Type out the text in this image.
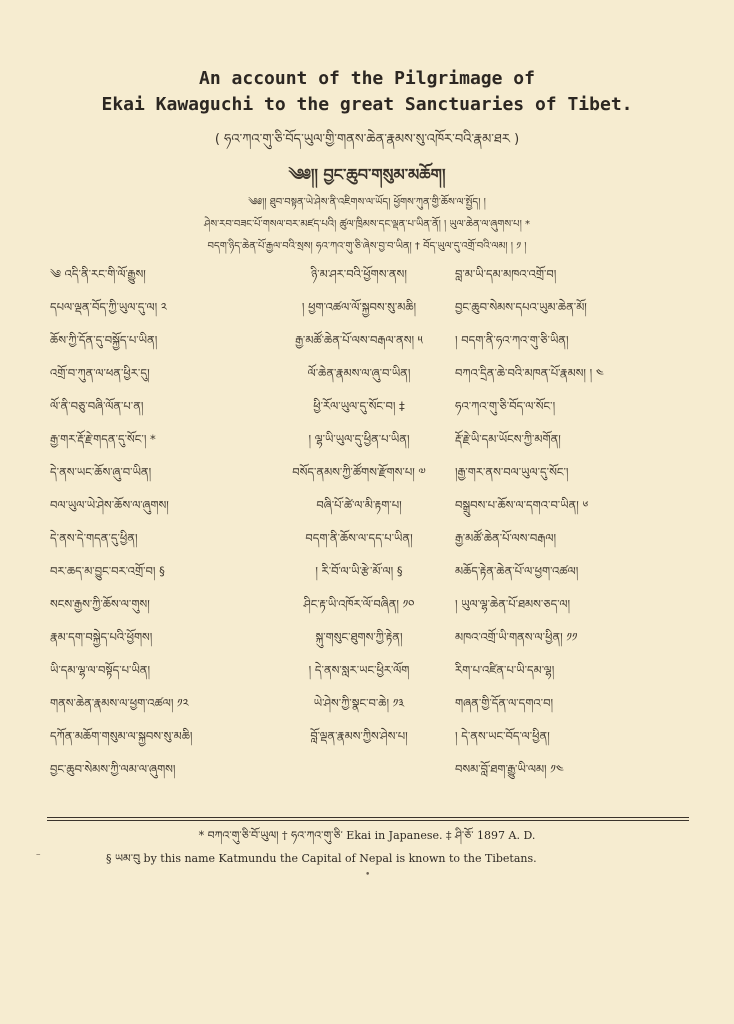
An account of the Pilgrimage of
Ekai Kawaguchi to the great Sanctuaries of Tibet.
( ཧའ་ཀའ་གུ་ཅི་བོད་ཡུལ་གྱི་གནས་ཆེན་རྣམས་སུ་འཁོར་བའི་རྣམ་ཐར )
༄༅།། བྱང་ཆུབ་གསུམ་མཆོག།
༄༅།། ཐུབ་བསྟན་ཡེ་ཤེས་ནི་འཇིགས་ལ་ཡོད། ཕྱོགས་ཀུན་གྱི་ཆོས་ལ་སྤྱོད། །
ཤེས་རབ་བཟང་པོ་གསལ་བར་མཛད་པའི། ཚུལ་ཁྲིམས་དང་ལྡན་པ་ཡིན་ནོ། ། ཡུལ་ཆེན་ལ་ཞུགས་པ། *
བདག་ཉིད་ཆེན་པོ་རྒྱལ་བའི་སྲས། ཧའ་ཀའ་གུ་ཅི་ཞེས་བྱ་བ་ཡིན། † བོད་ཡུལ་དུ་འགྲོ་བའི་ལམ། ། ༡ །
༄ འདི་ནི་རང་གི་ལོ་རྒྱུས།
དཔལ་ལྡན་བོད་ཀྱི་ཡུལ་དུ་ལ། ༢
ཆོས་ཀྱི་དོན་དུ་བསྐྱོད་པ་ཡིན།
འགྲོ་བ་ཀུན་ལ་ཕན་ཕྱིར་དུ།
ལོ་ནི་བཅུ་བཞི་ལོན་པ་ན།
རྒྱ་གར་རྡོ་རྗེ་གདན་དུ་སོང་། *
དེ་ནས་ཡང་ཆོས་ཞུ་བ་ཡིན།
བལ་ཡུལ་ཡེ་ཤེས་ཆོས་ལ་ཞུགས།
དེ་ནས་དེ་གདན་དུ་ཕྱིན།
བར་ཆད་མ་བྱུང་བར་འགྲོ་བ། §
སངས་རྒྱས་ཀྱི་ཆོས་ལ་གུས།
རྣམ་དག་བསྐྱེད་པའི་ཕྱོགས།
ཡི་དམ་ལྷ་ལ་བསྟོད་པ་ཡིན།
གནས་ཆེན་རྣམས་ལ་ཕྱག་འཚལ། ༡༢
དཀོན་མཆོག་གསུམ་ལ་སྐྱབས་སུ་མཆི།
བྱང་ཆུབ་སེམས་ཀྱི་ལམ་ལ་ཞུགས།
ཉི་མ་ཤར་བའི་ཕྱོགས་ནས།
། ཕྱག་འཚལ་ལོ་སྐྱབས་སུ་མཆི།
རྒྱ་མཚོ་ཆེན་པོ་ལས་བརྒལ་ནས། ༥
ལོ་ཆེན་རྣམས་ལ་ཞུ་བ་ཡིན།
ཕྱི་རོལ་ཡུལ་དུ་སོང་བ། ‡
། ལྷ་ཡི་ཡུལ་དུ་ཕྱིན་པ་ཡིན།
བསོད་ནམས་ཀྱི་ཚོགས་རྫོགས་པ། ༧
བཞི་པོ་ཚེ་ལ་མི་རྟག་པ།
བདག་ནི་ཆོས་ལ་དད་པ་ཡིན།
། རི་བོ་ལ་ཡི་རྩེ་མོ་ལ། §
ཤིང་རྟ་ཡི་འཁོར་ལོ་བཞིན། ༡༠
སྐུ་གསུང་ཐུགས་ཀྱི་རྟེན།
། དེ་ནས་སླར་ཡང་ཕྱིར་ལོག
ཡེ་ཤེས་ཀྱི་སྣང་བ་ཆེ། ༡༣
བློ་ལྡན་རྣམས་ཀྱིས་ཤེས་པ།
བླ་མ་ཡི་དམ་མཁའ་འགྲོ་བ།
བྱང་ཆུབ་སེམས་དཔའ་ཡུམ་ཆེན་མོ།
། བདག་ནི་ཧའ་ཀའ་གུ་ཅི་ཡིན།
བཀའ་དྲིན་ཆེ་བའི་མཁན་པོ་རྣམས། ། ༤
ཧའ་ཀའ་གུ་ཅི་བོད་ལ་སོང་།
རྡོ་རྗེ་ཡི་དམ་ཡོངས་ཀྱི་མགོན།
།རྒྱ་གར་ནས་བལ་ཡུལ་དུ་སོང་།
བསྒྲུབས་པ་ཆོས་ལ་དགའ་བ་ཡིན། ༦
རྒྱ་མཚོ་ཆེན་པོ་ལས་བརྒལ།
མཆོད་རྟེན་ཆེན་པོ་ལ་ཕྱག་འཚལ།
། ཡུལ་ལྷ་ཆེན་པོ་ཐམས་ཅད་ལ།
མཁའ་འགྲོ་ཡི་གནས་ལ་ཕྱིན། ༡༡
རིག་པ་འཛིན་པ་ཡི་དམ་ལྷ།
གཞན་གྱི་དོན་ལ་དགའ་བ།
། དེ་ནས་ཡང་བོད་ལ་ཕྱིན།
བསམ་བློ་ཐག་རྒྱུ་ཡི་ལམ། ༡༤
* བཀའ་གུ་ཅི་བོ་ཡུལ། † ཧའ་ཀའ་གུ་ཅི་ Ekai in Japanese. ‡ ཤི་ཅོ་ 1897 A. D.
§ ཡམ་བུ by this name Katmundu the Capital of Nepal is known to the Tibetans.
–
•
